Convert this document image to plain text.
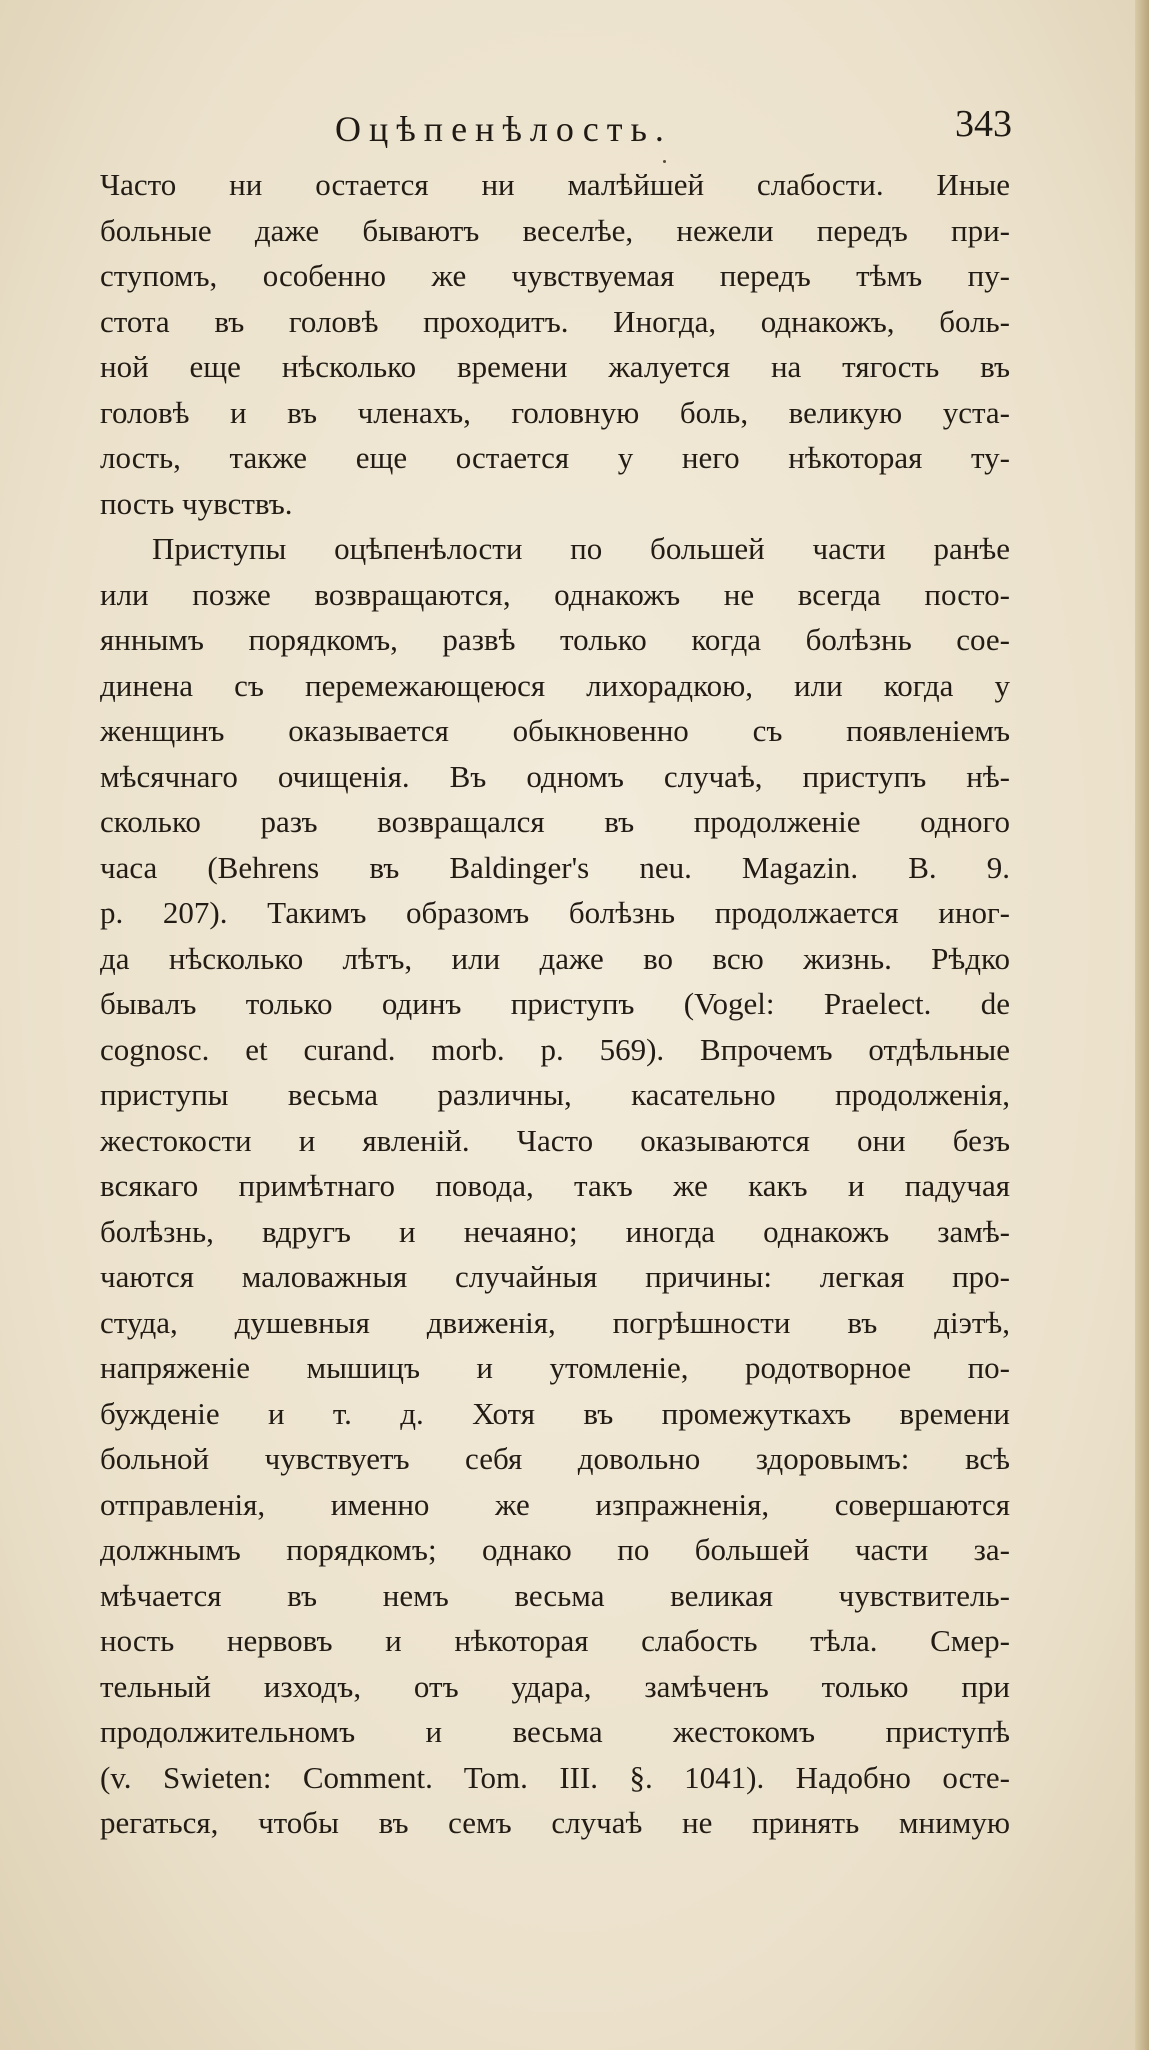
Оцѣпенѣлость.	343
Часто ни остается ни малѣйшей слабости. Иные
больные даже бываютъ веселѣе, нежели передъ при-
ступомъ, особенно же чувствуемая передъ тѣмъ пу-
стота въ головѣ проходитъ. Иногда, однакожъ, боль-
ной еще нѣсколько времени жалуется на тягость въ
головѣ и въ членахъ, головную боль, великую уста-
лость, также еще остается у него нѣкоторая ту-
пость чувствъ.
Приступы оцѣпенѣлости по большей части ранѣе
или позже возвращаются, однакожъ не всегда посто-
яннымъ порядкомъ, развѣ только когда болѣзнь сое-
динена съ перемежающеюся лихорадкою, или когда у
женщинъ оказывается обыкновенно съ появленіемъ
мѣсячнаго очищенія. Въ одномъ случаѣ, приступъ нѣ-
сколько разъ возвращался въ продолженіе одного
часа (Behrens въ Baldinger's neu. Magazin. B. 9.
p. 207). Такимъ образомъ болѣзнь продолжается иног-
да нѣсколько лѣтъ, или даже во всю жизнь. Рѣдко
бывалъ только одинъ приступъ (Vogel: Praelect. de
cognosc. et curand. morb. p. 569). Впрочемъ отдѣльные
приступы весьма различны, касательно продолженія,
жестокости и явленій. Часто оказываются они безъ
всякаго примѣтнаго повода, такъ же какъ и падучая
болѣзнь, вдругъ и нечаяно; иногда однакожъ замѣ-
чаются маловажныя случайныя причины: легкая про-
студа, душевныя движенія, погрѣшности въ діэтѣ,
напряженіе мышицъ и утомленіе, родотворное по-
бужденіе и т. д. Хотя въ промежуткахъ времени
больной чувствуетъ себя довольно здоровымъ: всѣ
отправленія, именно же изпражненія, совершаются
должнымъ порядкомъ; однако по большей части за-
мѣчается въ немъ весьма великая чувствитель-
ность нервовъ и нѣкоторая слабость тѣла. Смер-
тельный изходъ, отъ удара, замѣченъ только при
продолжительномъ и весьма жестокомъ приступѣ
(v. Swieten: Comment. Tom. III. §. 1041). Надобно осте-
регаться, чтобы въ семъ случаѣ не принять мнимую
